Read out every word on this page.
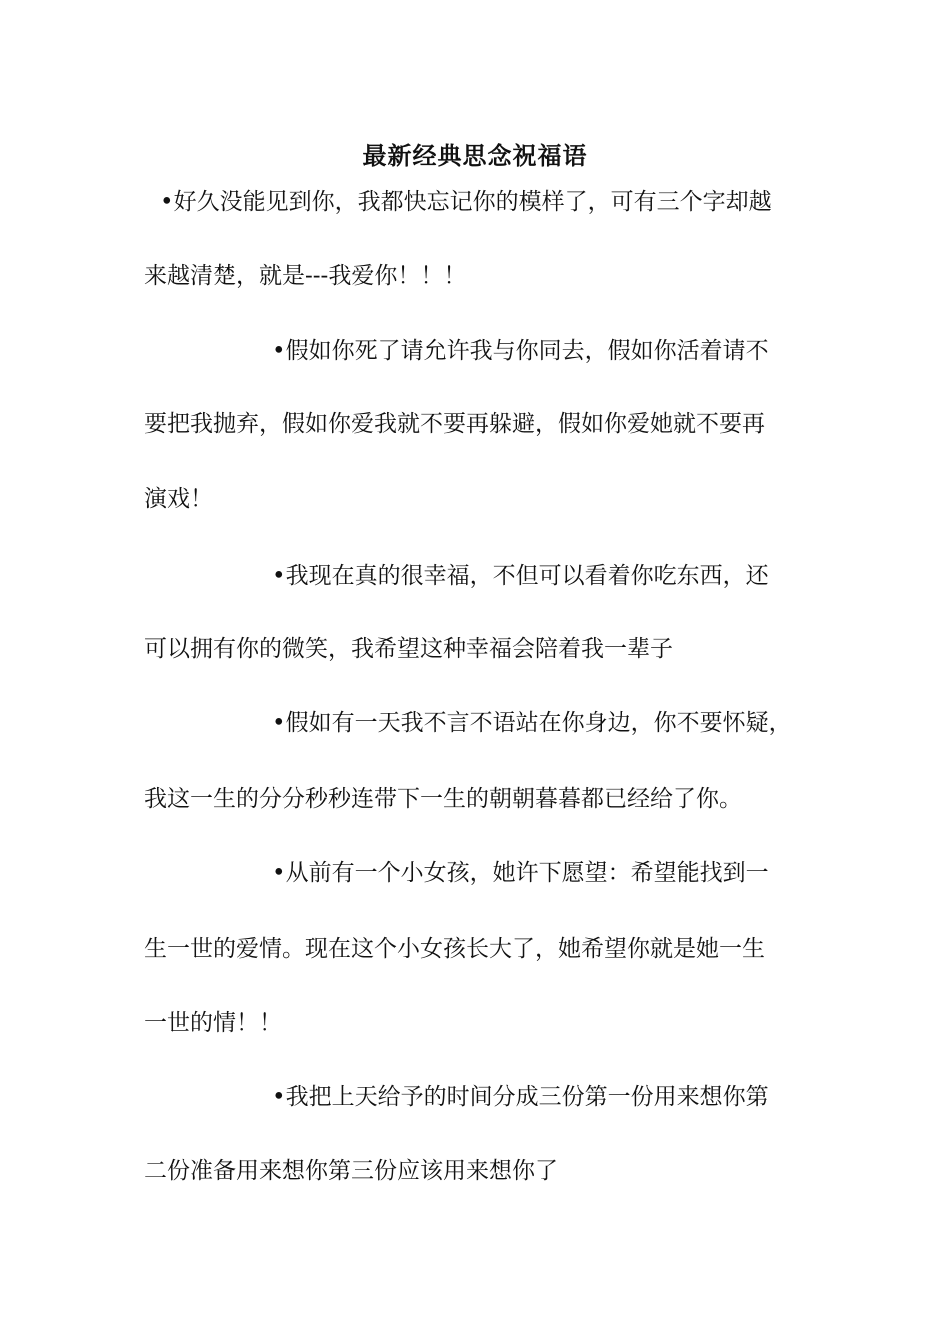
最新经典思念祝福语

•好久没能见到你，我都快忘记你的模样了，可有三个字却越

来越清楚，就是---我爱你！！！

•假如你死了请允许我与你同去，假如你活着请不

要把我抛弃，假如你爱我就不要再躲避，假如你爱她就不要再

演戏！

•我现在真的很幸福，不但可以看着你吃东西，还

可以拥有你的微笑，我希望这种幸福会陪着我一辈子

•假如有一天我不言不语站在你身边，你不要怀疑，

我这一生的分分秒秒连带下一生的朝朝暮暮都已经给了你。

•从前有一个小女孩，她许下愿望：希望能找到一

生一世的爱情。现在这个小女孩长大了，她希望你就是她一生

一世的情！！

•我把上天给予的时间分成三份第一份用来想你第

二份准备用来想你第三份应该用来想你了
